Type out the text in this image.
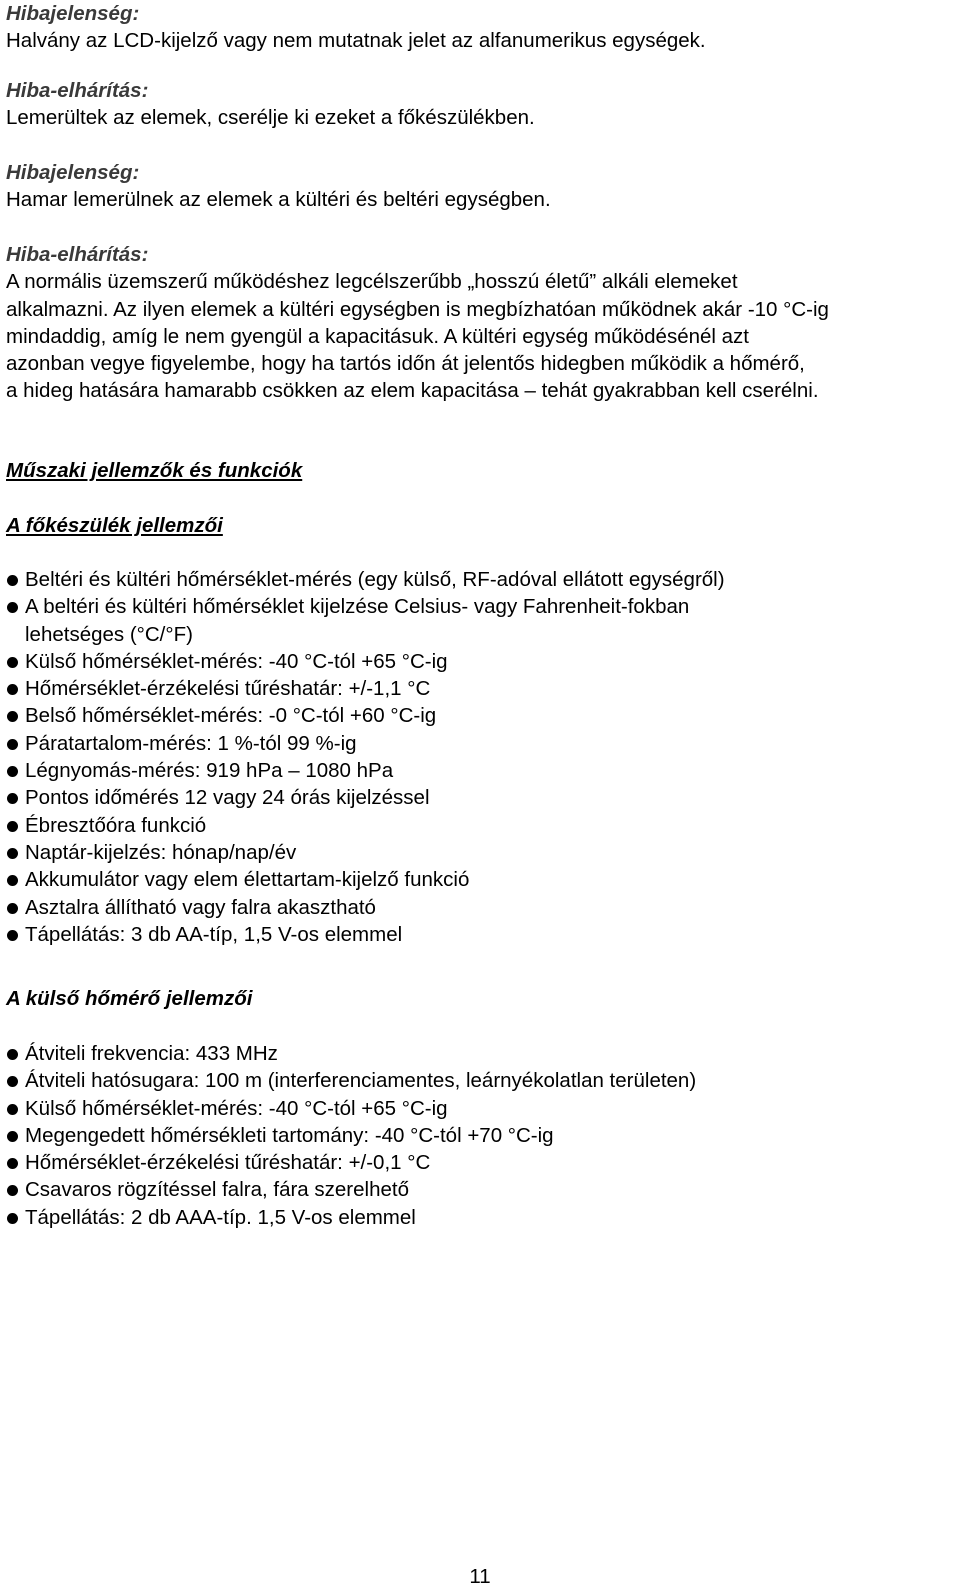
Hibajelenség:
Halvány az LCD-kijelző vagy nem mutatnak jelet az alfanumerikus egységek.
Hiba-elhárítás:
Lemerültek az elemek, cserélje ki ezeket a főkészülékben.
Hibajelenség:
Hamar lemerülnek az elemek a kültéri és beltéri egységben.
Hiba-elhárítás:
A normális üzemszerű működéshez legcélszerűbb „hosszú életű” alkáli elemeket
alkalmazni. Az ilyen elemek a kültéri egységben is megbízhatóan működnek akár -10 °C-ig
mindaddig, amíg le nem gyengül a kapacitásuk. A kültéri egység működésénél azt
azonban vegye figyelembe, hogy ha tartós időn át jelentős hidegben működik a hőmérő,
a hideg hatására hamarabb csökken az elem kapacitása – tehát gyakrabban kell cserélni.
Műszaki jellemzők és funkciók
A főkészülék jellemzői
Beltéri és kültéri hőmérséklet-mérés (egy külső, RF-adóval ellátott egységről)
A beltéri és kültéri hőmérséklet kijelzése Celsius- vagy Fahrenheit-fokban
lehetséges (°C/°F)
Külső hőmérséklet-mérés: -40 °C-tól +65 °C-ig
Hőmérséklet-érzékelési tűréshatár: +/-1,1 °C
Belső hőmérséklet-mérés: -0 °C-tól +60 °C-ig
Páratartalom-mérés: 1 %-tól 99 %-ig
Légnyomás-mérés: 919 hPa – 1080 hPa
Pontos időmérés 12 vagy 24 órás kijelzéssel
Ébresztőóra funkció
Naptár-kijelzés: hónap/nap/év
Akkumulátor vagy elem élettartam-kijelző funkció
Asztalra állítható vagy falra akasztható
Tápellátás: 3 db AA-típ, 1,5 V-os elemmel
A külső hőmérő jellemzői
Átviteli frekvencia: 433 MHz
Átviteli hatósugara: 100 m (interferenciamentes, leárnyékolatlan területen)
Külső hőmérséklet-mérés: -40 °C-tól +65 °C-ig
Megengedett hőmérsékleti tartomány: -40 °C-tól +70 °C-ig
Hőmérséklet-érzékelési tűréshatár: +/-0,1 °C
Csavaros rögzítéssel falra, fára szerelhető
Tápellátás: 2 db AAA-típ. 1,5 V-os elemmel
11
